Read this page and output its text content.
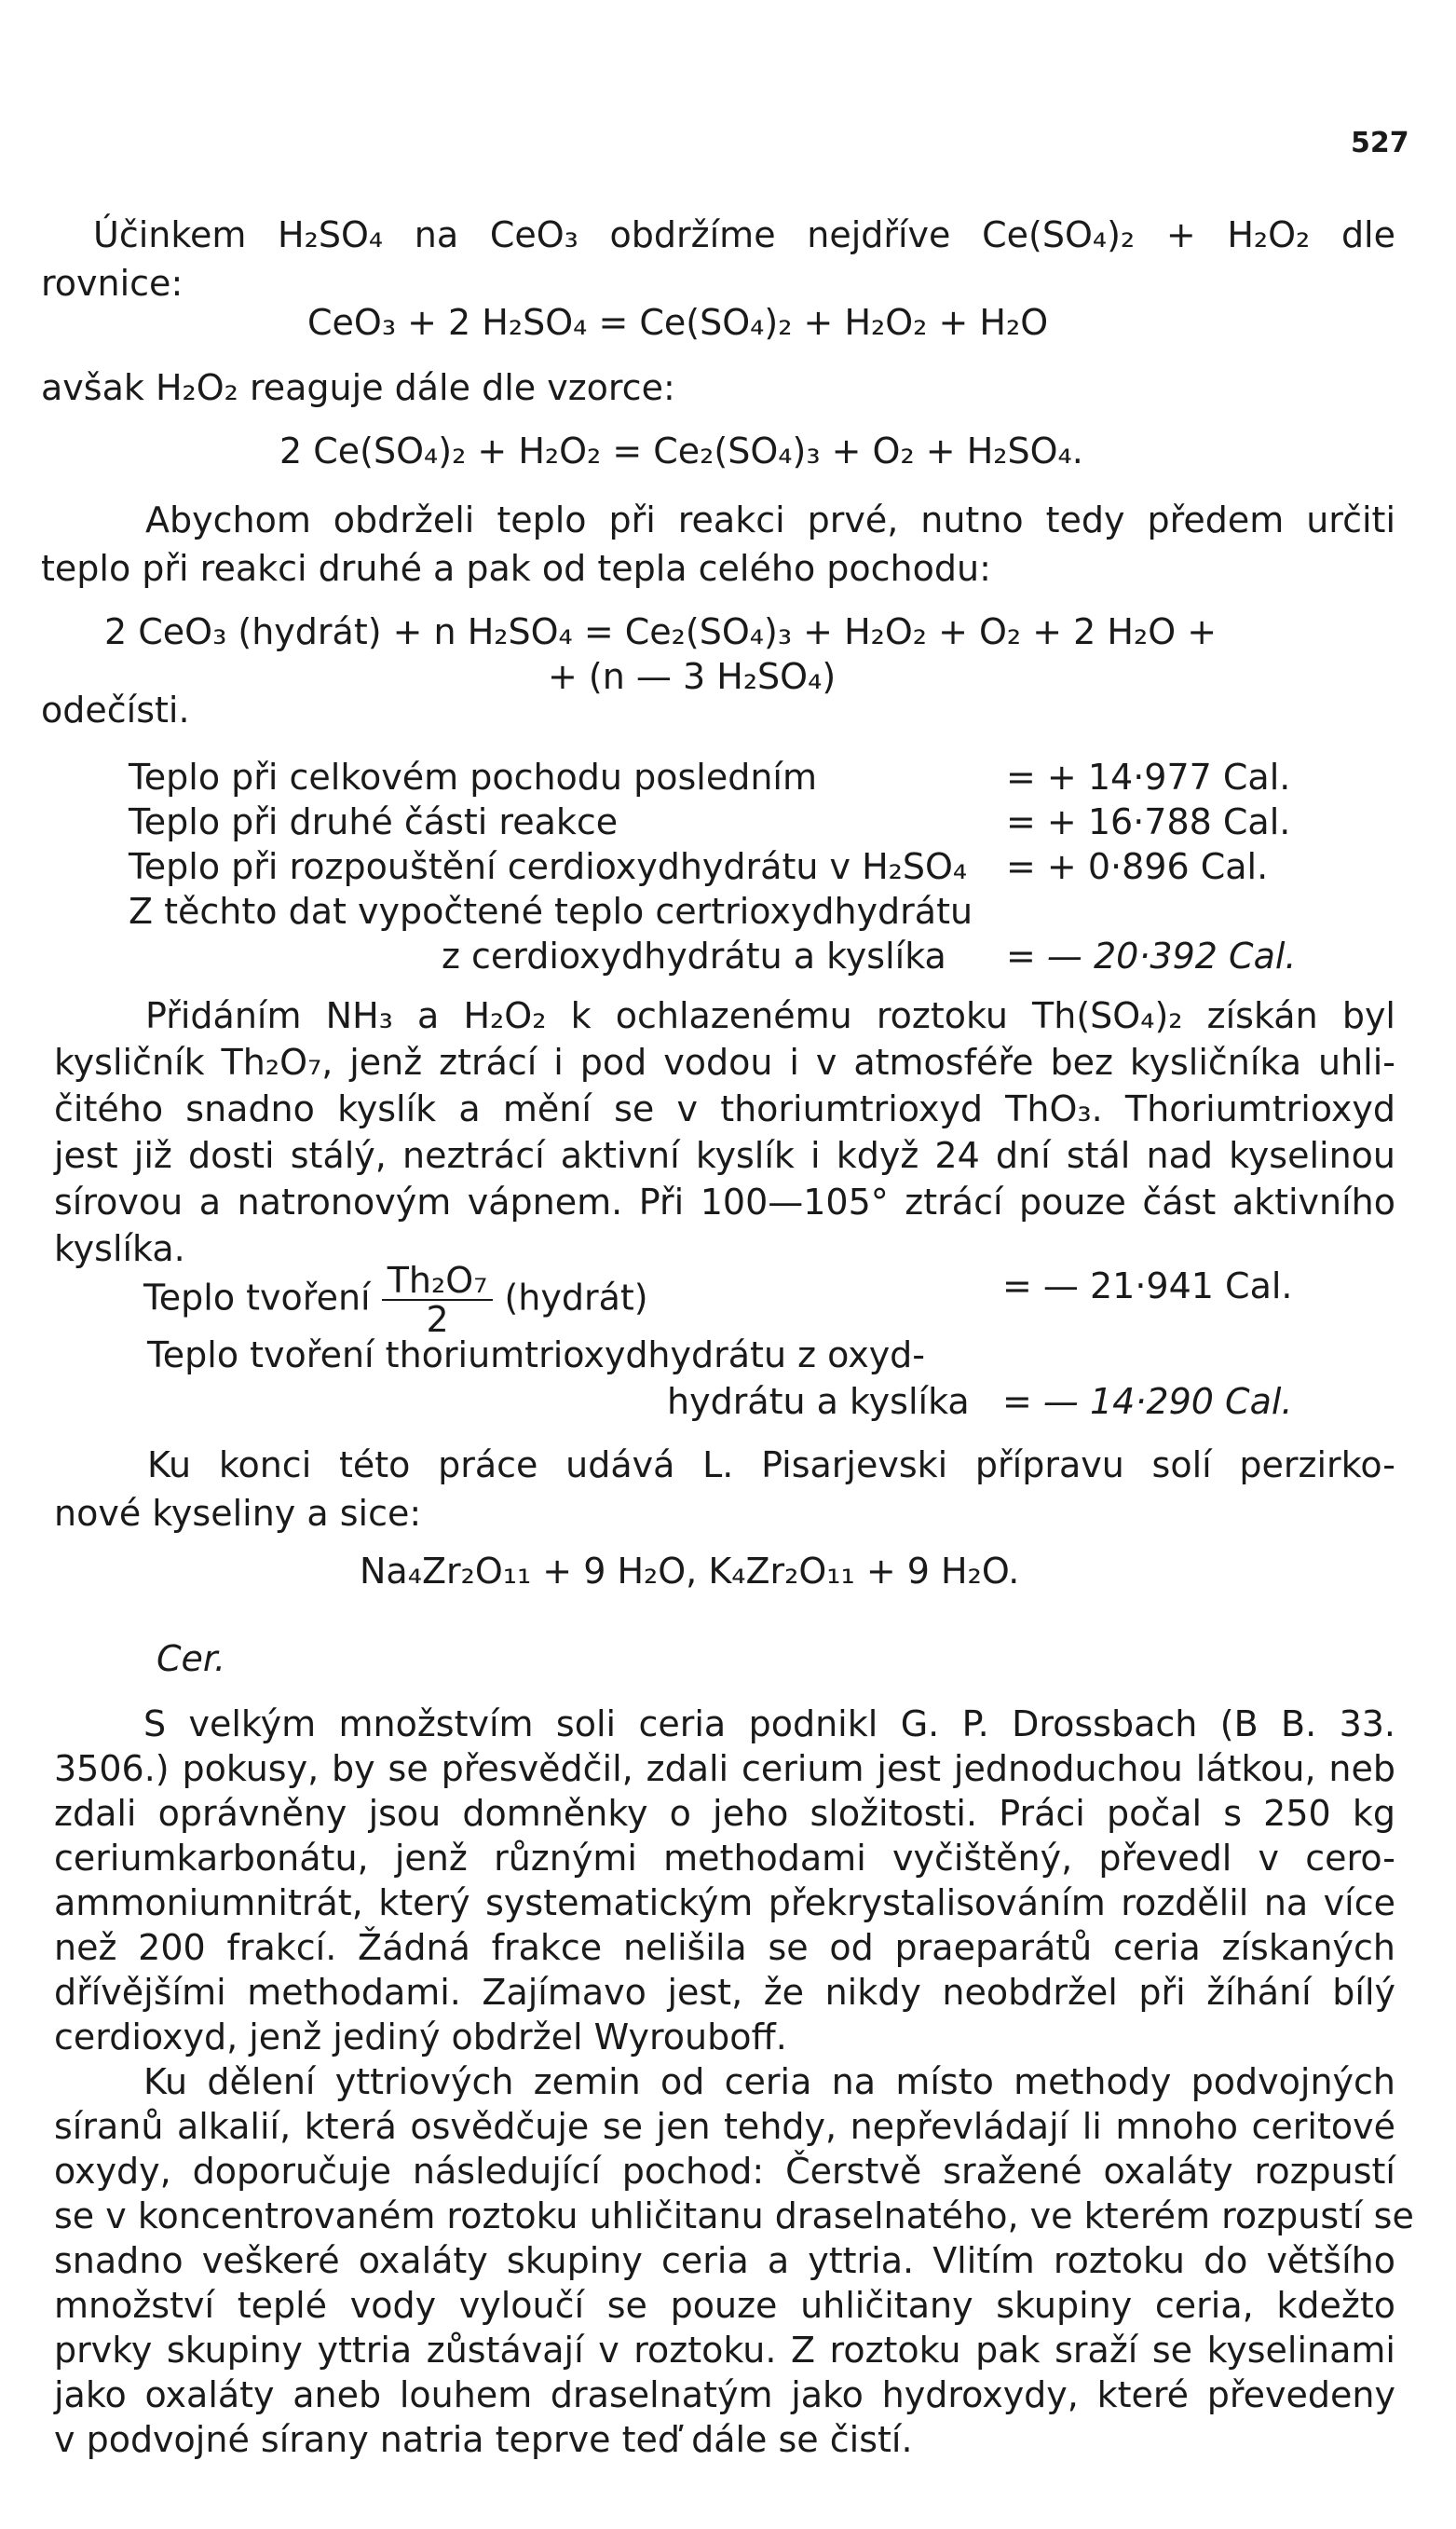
527
Účinkem H₂SO₄ na CeO₃ obdržíme nejdříve Ce(SO₄)₂ + H₂O₂ dle
rovnice:
CeO₃ + 2 H₂SO₄ = Ce(SO₄)₂ + H₂O₂ + H₂O
avšak H₂O₂ reaguje dále dle vzorce:
2 Ce(SO₄)₂ + H₂O₂ = Ce₂(SO₄)₃ + O₂ + H₂SO₄.
Abychom obdrželi teplo při reakci prvé, nutno tedy předem určiti
teplo při reakci druhé a pak od tepla celého pochodu:
2 CeO₃ (hydrát) + n H₂SO₄ = Ce₂(SO₄)₃ + H₂O₂ + O₂ + 2 H₂O +
+ (n — 3 H₂SO₄)
odečísti.
Teplo při celkovém pochodu posledním	= + 14·977 Cal.
Teplo při druhé části reakce	= + 16·788 Cal.
Teplo při rozpouštění cerdioxydhydrátu v H₂SO₄ = + 0·896 Cal.
Z těchto dat vypočtené teplo certrioxydhydrátu
z cerdioxydhydrátu a kyslíka = — 20·392 Cal.
Přidáním NH₃ a H₂O₂ k ochlazenému roztoku Th(SO₄)₂ získán byl
kysličník Th₂O₇, jenž ztrácí i pod vodou i v atmosféře bez kysličníka uhli-
čitého snadno kyslík a mění se v thoriumtrioxyd ThO₃. Thoriumtrioxyd
jest již dosti stálý, neztrácí aktivní kyslík i když 24 dní stál nad kyselinou
sírovou a natronovým vápnem. Při 100—105° ztrácí pouze část aktivního
kyslíka.
Teplo tvoření $\frac{\text{Th₂O₇}}{2}$ (hydrát)	= — 21·941 Cal.
Teplo tvoření thoriumtrioxydhydrátu z oxyd-
hydrátu a kyslíka = — 14·290 Cal.
Ku konci této práce udává L. Pisarjevski přípravu solí perzirko-
nové kyseliny a sice:
Na₄Zr₂O₁₁ + 9 H₂O, K₄Zr₂O₁₁ + 9 H₂O.
Cer.
S velkým množstvím soli ceria podnikl G. P. Drossbach (B B. 33.
3506.) pokusy, by se přesvědčil, zdali cerium jest jednoduchou látkou, neb
zdali oprávněny jsou domněnky o jeho složitosti. Práci počal s 250 kg
ceriumkarbonátu, jenž různými methodami vyčištěný, převedl v cero-
ammoniumnitrát, který systematickým překrystalisováním rozdělil na více
než 200 frakcí. Žádná frakce nelišila se od praeparátů ceria získaných
dřívějšími methodami. Zajímavo jest, že nikdy neobdržel při žíhání bílý
cerdioxyd, jenž jediný obdržel Wyrouboff.
Ku dělení yttriových zemin od ceria na místo methody podvojných
síranů alkalií, která osvědčuje se jen tehdy, nepřevládají li mnoho ceritové
oxydy, doporučuje následující pochod: Čerstvě sražené oxaláty rozpustí
se v koncentrovaném roztoku uhličitanu draselnatého, ve kterém rozpustí se
snadno veškeré oxaláty skupiny ceria a yttria. Vlitím roztoku do většího
množství teplé vody vyloučí se pouze uhličitany skupiny ceria, kdežto
prvky skupiny yttria zůstávají v roztoku. Z roztoku pak sraží se kyselinami
jako oxaláty aneb louhem draselnatým jako hydroxydy, které převedeny
v podvojné sírany natria teprve teď dále se čistí.
